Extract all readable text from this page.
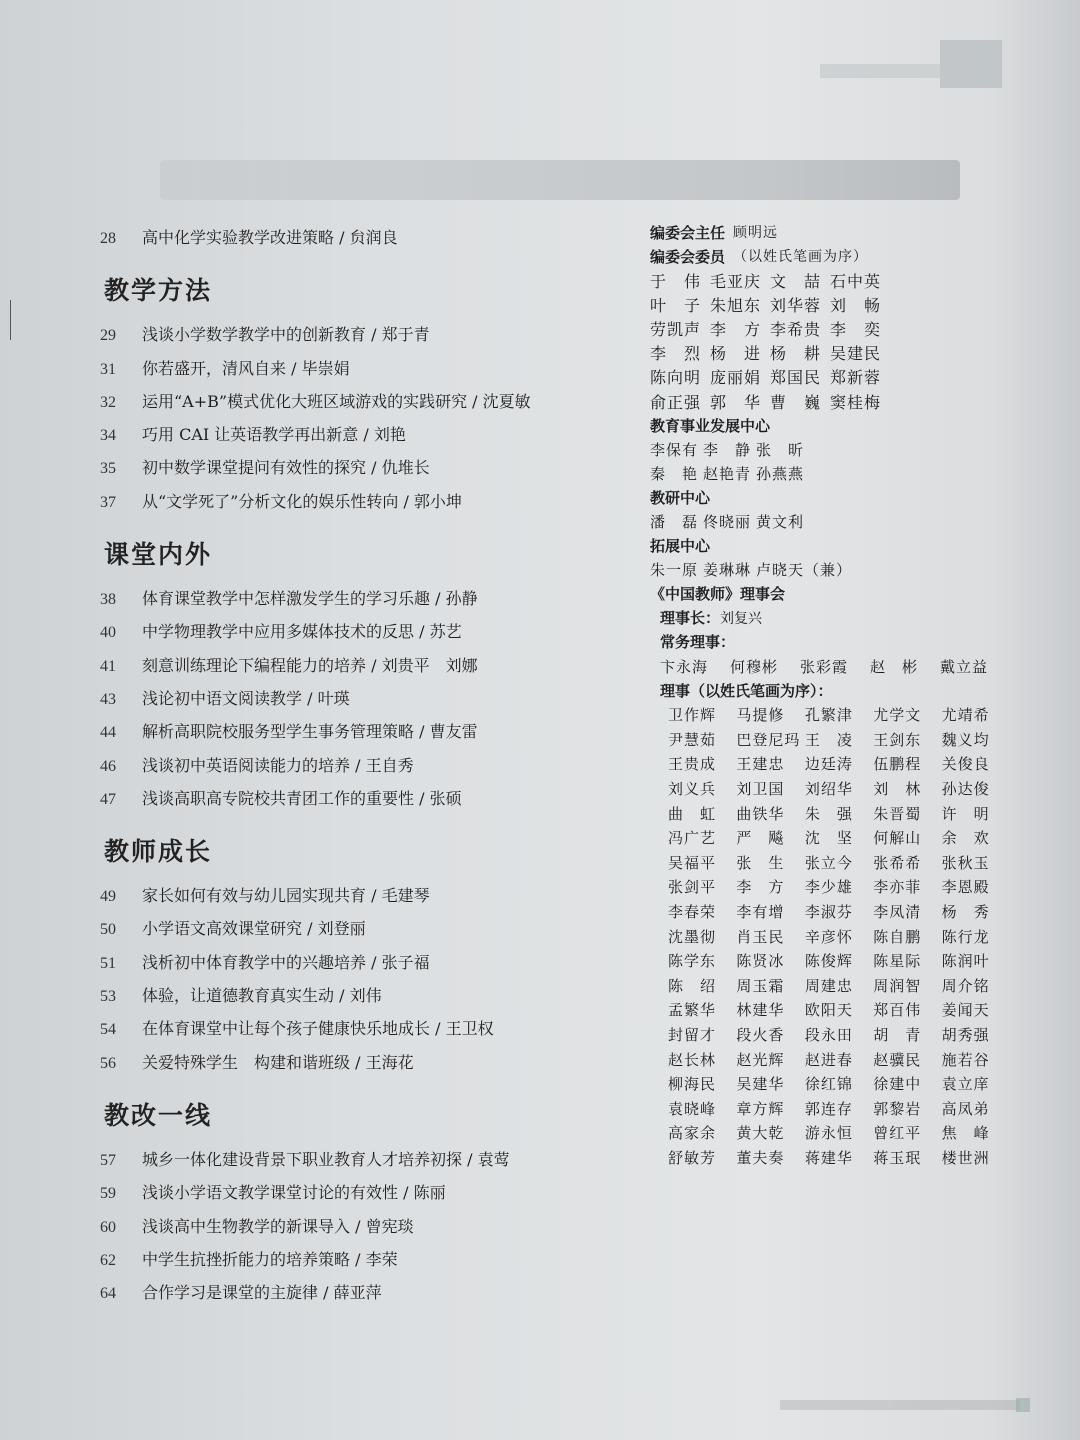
28	高中化学实验教学改进策略 / 贠润良
教学方法
29	浅谈小学数学教学中的创新教育 / 郑于青
31	你若盛开，清风自来 / 毕崇娟
32	运用“A+B”模式优化大班区域游戏的实践研究 / 沈夏敏
34	巧用 CAI 让英语教学再出新意 / 刘艳
35	初中数学课堂提问有效性的探究 / 仇堆长
37	从“文学死了”分析文化的娱乐性转向 / 郭小坤
课堂内外
38	体育课堂教学中怎样激发学生的学习乐趣 / 孙静
40	中学物理教学中应用多媒体技术的反思 / 苏艺
41	刻意训练理论下编程能力的培养 / 刘贵平　刘娜
43	浅论初中语文阅读教学 / 叶瑛
44	解析高职院校服务型学生事务管理策略 / 曹友雷
46	浅谈初中英语阅读能力的培养 / 王自秀
47	浅谈高职高专院校共青团工作的重要性 / 张硕
教师成长
49	家长如何有效与幼儿园实现共育 / 毛建琴
50	小学语文高效课堂研究 / 刘登丽
51	浅析初中体育教学中的兴趣培养 / 张子福
53	体验，让道德教育真实生动 / 刘伟
54	在体育课堂中让每个孩子健康快乐地成长 / 王卫权
56	关爱特殊学生　构建和谐班级 / 王海花
教改一线
57	城乡一体化建设背景下职业教育人才培养初探 / 袁莺
59	浅谈小学语文教学课堂讨论的有效性 / 陈丽
60	浅谈高中生物教学的新课导入 / 曾宪琰
62	中学生抗挫折能力的培养策略 / 李荣
64	合作学习是课堂的主旋律 / 薛亚萍
编委会主任 顾明远
编委会委员 （以姓氏笔画为序）
于　伟 毛亚庆 文　喆 石中英
叶　子 朱旭东 刘华蓉 刘　畅
劳凯声 李　方 李希贵 李　奕
李　烈 杨　进 杨　耕 吴建民
陈向明 庞丽娟 郑国民 郑新蓉
俞正强 郭　华 曹　巍 窦桂梅
教育事业发展中心
李保有 李　静 张　昕
秦　艳 赵艳青 孙燕燕
教研中心
潘　磊 佟晓丽 黄文利
拓展中心
朱一原 姜琳琳 卢晓天（兼）
《中国教师》理事会
理事长： 刘复兴
常务理事：
卞永海	何穆彬	张彩霞	赵　彬	戴立益
理事（以姓氏笔画为序）：
卫作辉	马提修	孔繁津	尤学文	尤靖希
尹慧茹	巴登尼玛 王　凌	王剑东	魏义均
王贵成	王建忠	边廷涛	伍鹏程	关俊良
刘义兵	刘卫国	刘绍华	刘　林	孙达俊
曲　虹	曲铁华	朱　强	朱晋蜀	许　明
冯广艺	严　飚	沈　坚	何解山	余　欢
吴福平	张　生	张立今	张希希	张秋玉
张剑平	李　方	李少雄	李亦菲	李恩殿
李春荣	李有增	李淑芬	李凤清	杨　秀
沈墨彻	肖玉民	辛彦怀	陈自鹏	陈行龙
陈学东	陈贤冰	陈俊辉	陈星际	陈润叶
陈　绍	周玉霜	周建忠	周润智	周介铭
孟繁华	林建华	欧阳天	郑百伟	姜闻天
封留才	段火香	段永田	胡　青	胡秀强
赵长林	赵光辉	赵进春	赵骥民	施若谷
柳海民	吴建华	徐红锦	徐建中	袁立庠
袁晓峰	章方辉	郭连存	郭黎岩	高凤弟
高家余	黄大乾	游永恒	曾红平	焦　峰
舒敏芳	董夫奏	蒋建华	蒋玉珉	楼世洲
